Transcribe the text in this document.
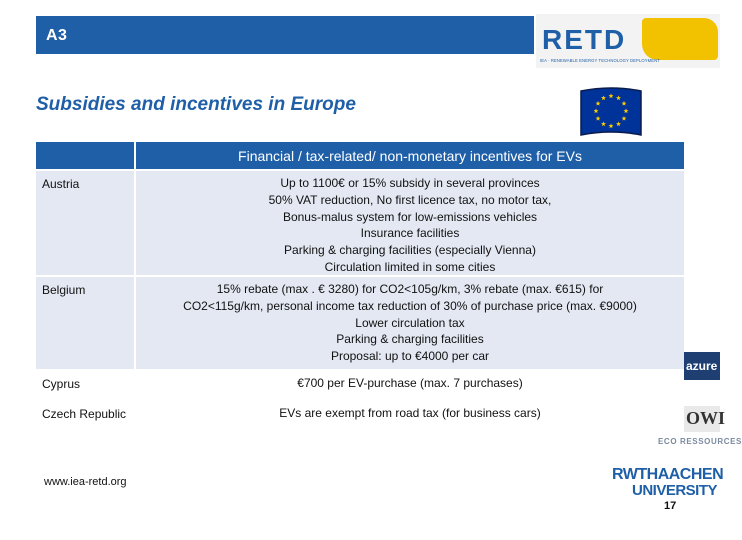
A3	RETD
IEA · RENEWABLE ENERGY TECHNOLOGY DEPLOYMENT
Subsidies and incentives in Europe
Financial / tax-related/ non-monetary incentives for EVs
Austria	Up to 1100€ or 15% subsidy in several provinces
50% VAT reduction, No first licence tax, no motor tax,
Bonus-malus system for low-emissions vehicles
Insurance facilities
Parking & charging facilities (especially Vienna)
Circulation limited in some cities
Belgium	15% rebate (max . € 3280) for CO2<105g/km, 3% rebate (max. €615) for
CO2<115g/km, personal income tax reduction of 30% of purchase price (max. €9000)
Lower circulation tax
Parking & charging facilities
Proposal: up to €4000 per car
Cyprus	€700 per EV-purchase (max. 7 purchases)
Czech Republic	EVs are exempt from road tax (for business cars)
www.iea-retd.org
azure
OWI
ECO RESSOURCES
RWTHAACHEN
UNIVERSITY
17
